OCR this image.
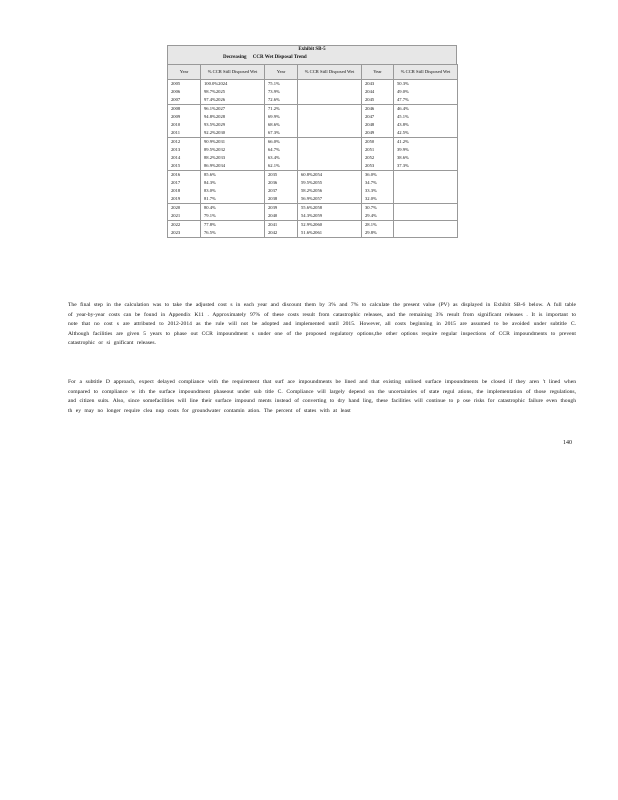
Exhibit SB-5
Decreasing CCR Wet Disposal Trend
Year	% CCR Still Disposed Wet	Year	% CCR Still Disposed Wet	Year	% CCR Still Disposed Wet
2005	100.0%2024	75.1%		2043	50.3%
2006	98.7%2025	73.9%		2044	49.0%
2007	97.4%2026	72.6%		2045	47.7%
2008	96.1%2027	71.2%		2046	46.4%
2009	94.8%2028	69.9%		2047	45.1%
2010	93.5%2029	68.6%		2048	43.8%
2011	92.2%2030	67.3%		2049	42.5%
2012	90.9%2031	66.0%		2050	41.2%
2013	89.5%2032	64.7%		2051	39.9%
2014	88.2%2033	63.4%		2052	38.6%
2015	86.9%2034	62.1%		2053	37.3%
2016	85.6%	2035	60.8%2054	36.0%	
2017	84.3%	2036	59.5%2055	34.7%	
2018	83.0%	2037	58.2%2056	33.3%	
2019	81.7%	2038	56.9%2057	32.0%	
2020	80.4%	2039	55.6%2058	30.7%	
2021	79.1%	2040	54.3%2059	29.4%	
2022	77.8%	2041	52.9%2060	28.1%	
2023	76.5%	2042	51.6%2061	29.8%	

The final step in the calculation was to take the adjusted cost s in each year and discount them by 3% and 7% to calculate the present value (PV) as displayed in Exhibit SB-6 below. A full table of year-by-year costs can be found in Appendix K11 . Approximately 97% of these costs result from catastrophic releases, and the remaining 3% result from significant releases . It is important to note that no cost s are attributed to 2012-2014 as the rule will not be adopted and implemented until 2015. However, all costs beginning in 2015 are assumed to be avoided under subtitle C. Although facilities are given 5 years to phase out CCR impoundment s under one of the proposed regulatory options,the other options require regular inspections of CCR impoundments to prevent catastrophic or si gnificant releases.

For a subtitle D approach, expect delayed compliance with the requirement that surf ace impoundments be lined and that existing unlined surface impoundments be closed if they aren 't lined when compared to compliance w ith the surface impoundment phaseout under sub title C. Compliance will largely depend on the uncertainties of state regul ations, the implementation of those regulations, and citizen suits. Also, since somefacilities will line their surface impound ments instead of converting to dry hand ling, these facilities will continue to p ose risks for catastrophic failure even though th ey may no longer require clea nup costs for groundwater contamin ation. The percent of states with at least

140
